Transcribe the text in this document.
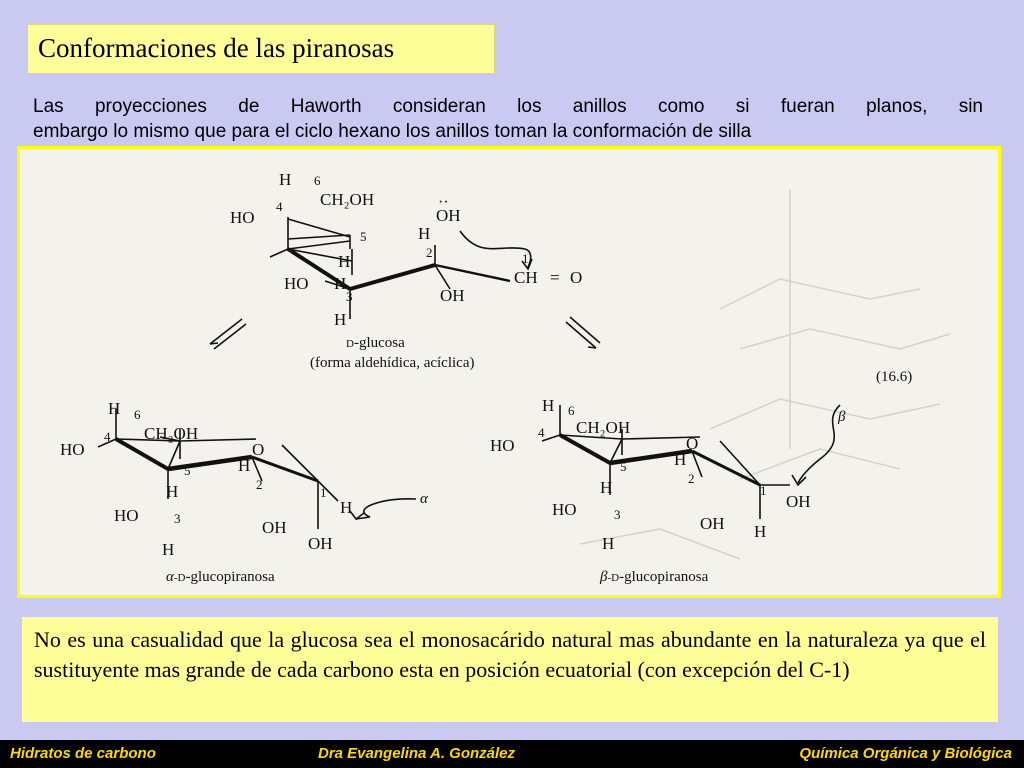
Conformaciones de las piranosas
Las proyecciones de Haworth consideran los anillos como si fueran planos, sin
embargo lo mismo que para el ciclo hexano los anillos toman la conformación de silla
H 6
CH₂OH
HO
4	OH
··
5	H
H	2	1
CH = O
HO H
3	OH
H
D-glucosa
(forma aldehídica, acíclica)
(16.6)
H 6
CH₂OH
HO
4
O
H
5
2
1
H
H
HO	3	OH
OH
H
α
α-D-glucopiranosa
H 6
CH₂OH
HO
4
O
H
5
2
1
OH
H
HO	3	OH H
H
β
β-D-glucopiranosa
No es una casualidad que la glucosa sea el monosacárido natural mas abundante en la naturaleza ya que el sustituyente mas grande de cada carbono esta en posición ecuatorial (con excepción del C-1)
Hidratos de carbono	Dra Evangelina A. González	Química Orgánica y Biológica
